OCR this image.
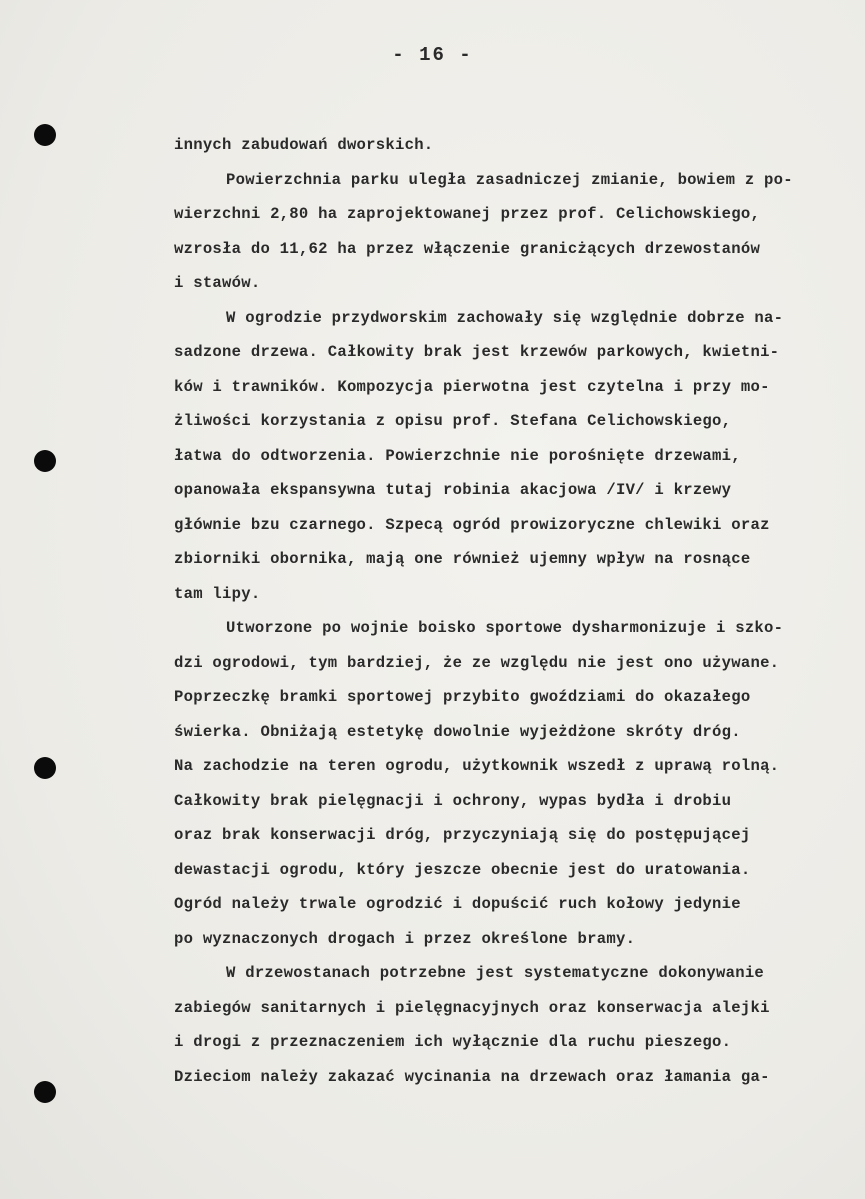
- 16 -
innych zabudowań dworskich.
Powierzchnia parku uległa zasadniczej zmianie, bowiem z po-
wierzchni 2,80 ha zaprojektowanej przez prof. Celichowskiego,
wzrosła do 11,62 ha przez włączenie granicżących drzewostanów
i stawów.
W ogrodzie przydworskim zachowały się względnie dobrze na-
sadzone drzewa. Całkowity brak jest krzewów parkowych, kwietni-
ków i trawników. Kompozycja pierwotna jest czytelna i przy mo-
żliwości korzystania z opisu prof. Stefana Celichowskiego,
łatwa do odtworzenia. Powierzchnie nie porośnięte drzewami,
opanowała ekspansywna tutaj robinia akacjowa /IV/ i krzewy
głównie bzu czarnego. Szpecą ogród prowizoryczne chlewiki oraz
zbiorniki obornika, mają one również ujemny wpływ na rosnące
tam lipy.
Utworzone po wojnie boisko sportowe dysharmonizuje i szko-
dzi ogrodowi, tym bardziej, że ze względu nie jest ono używane.
Poprzeczkę bramki sportowej przybito gwoździami do okazałego
świerka. Obniżają estetykę dowolnie wyjeżdżone skróty dróg.
Na zachodzie na teren ogrodu, użytkownik wszedł z uprawą rolną.
Całkowity brak pielęgnacji i ochrony, wypas bydła i drobiu
oraz brak konserwacji dróg, przyczyniają się do postępującej
dewastacji ogrodu, który jeszcze obecnie jest do uratowania.
Ogród należy trwale ogrodzić i dopuścić ruch kołowy jedynie
po wyznaczonych drogach i przez określone bramy.
W drzewostanach potrzebne jest systematyczne dokonywanie
zabiegów sanitarnych i pielęgnacyjnych oraz konserwacja alejki
i drogi z przeznaczeniem ich wyłącznie dla ruchu pieszego.
Dzieciom należy zakazać wycinania na drzewach oraz łamania ga-
